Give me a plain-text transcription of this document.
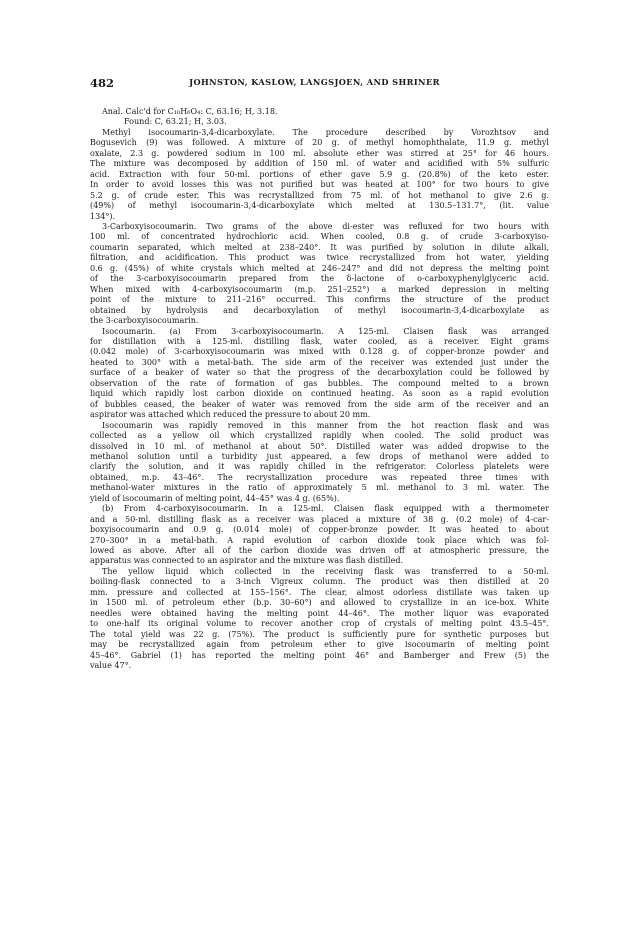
482	JOHNSTON, KASLOW, LANGSJOEN, AND SHRINER
Anal. Calc'd for C₁₀H₆O₄: C, 63.16; H, 3.18.
Found: C, 63.21; H, 3.03.
Methyl isocoumarin-3,4-dicarboxylate. The procedure described by Vorozhtsov and
Bogusevich (9) was followed. A mixture of 20 g. of methyl homophthalate, 11.9 g. methyl
oxalate, 2.3 g. powdered sodium in 100 ml. absolute ether was stirred at 25° for 46 hours.
The mixture was decomposed by addition of 150 ml. of water and acidified with 5% sulfuric
acid. Extraction with four 50-ml. portions of ether gave 5.9 g. (20.8%) of the keto ester.
In order to avoid losses this was not purified but was heated at 100° for two hours to give
5.2 g. of crude ester. This was recrystallized from 75 ml. of hot methanol to give 2.6 g.
(49%) of methyl isocoumarin-3,4-dicarboxylate which melted at 130.5–131.7°, (lit. value
134°).
3-Carboxyisocoumarin. Two grams of the above di-ester was refluxed for two hours with
100 ml. of concentrated hydrochloric acid. When cooled, 0.8 g. of crude 3-carboxyiso-
coumarin separated, which melted at 238–240°. It was purified by solution in dilute alkali,
filtration, and acidification. This product was twice recrystallized from hot water, yielding
0.6 g. (45%) of white crystals which melted at 246–247° and did not depress the melting point
of the 3-carboxyisocoumarin prepared from the δ-lactone of o-carboxyphenylglyceric acid.
When mixed with 4-carboxyisocoumarin (m.p. 251–252°) a marked depression in melting
point of the mixture to 211–216° occurred. This confirms the structure of the product
obtained by hydrolysis and decarboxylation of methyl isocoumarin-3,4-dicarboxylate as
the 3-carboxyisocoumarin.
Isocoumarin. (a) From 3-carboxyisocoumarin. A 125-ml. Claisen flask was arranged
for distillation with a 125-ml. distilling flask, water cooled, as a receiver. Eight grams
(0.042 mole) of 3-carboxyisocoumarin was mixed with 0.128 g. of copper-bronze powder and
heated to 300° with a metal-bath. The side arm of the receiver was extended just under the
surface of a beaker of water so that the progress of the decarboxylation could be followed by
observation of the rate of formation of gas bubbles. The compound melted to a brown
liquid which rapidly lost carbon dioxide on continued heating. As soon as a rapid evolution
of bubbles ceased, the beaker of water was removed from the side arm of the receiver and an
aspirator was attached which reduced the pressure to about 20 mm.
Isocoumarin was rapidly removed in this manner from the hot reaction flask and was
collected as a yellow oil which crystallized rapidly when cooled. The solid product was
dissolved in 10 ml. of methanol at about 50°. Distilled water was added dropwise to the
methanol solution until a turbidity just appeared, a few drops of methanol were added to
clarify the solution, and it was rapidly chilled in the refrigerator. Colorless platelets were
obtained, m.p. 43–46°. The recrystallization procedure was repeated three times with
methanol-water mixtures in the ratio of approximately 5 ml. methanol to 3 ml. water. The
yield of isocoumarin of melting point, 44–45° was 4 g. (65%).
(b) From 4-carboxyisocoumarin. In a 125-ml. Claisen flask equipped with a thermometer
and a 50-ml. distilling flask as a receiver was placed a mixture of 38 g. (0.2 mole) of 4-car-
boxyisocoumarin and 0.9 g. (0.014 mole) of copper-bronze powder. It was heated to about
270–300° in a metal-bath. A rapid evolution of carbon dioxide took place which was fol-
lowed as above. After all of the carbon dioxide was driven off at atmospheric pressure, the
apparatus was connected to an aspirator and the mixture was flash distilled.
The yellow liquid which collected in the receiving flask was transferred to a 50-ml.
boiling-flask connected to a 3-inch Vigreux column. The product was then distilled at 20
mm. pressure and collected at 155–156°. The clear, almost odorless distillate was taken up
in 1500 ml. of petroleum ether (b.p. 30–60°) and allowed to crystallize in an ice-box. White
needles were obtained having the melting point 44–46°. The mother liquor was evaporated
to one-half its original volume to recover another crop of crystals of melting point 43.5–45°.
The total yield was 22 g. (75%). The product is sufficiently pure for synthetic purposes but
may be recrystallized again from petroleum ether to give isocoumarin of melting point
45–46°. Gabriel (1) has reported the melting point 46° and Bamberger and Frew (5) the
value 47°.
